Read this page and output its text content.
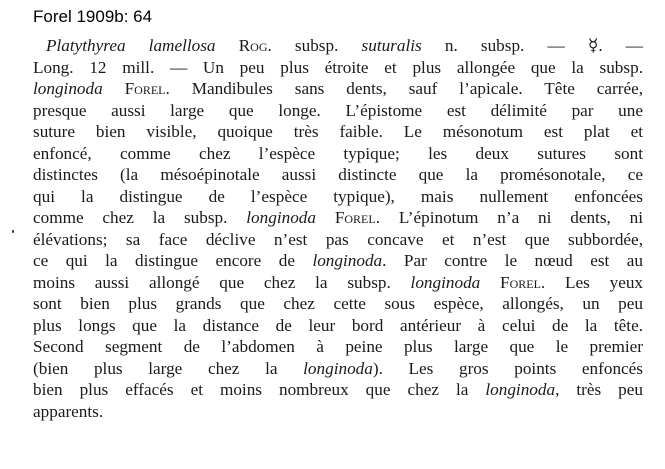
Forel 1909b: 64
Platythyrea lamellosa Rog. subsp. suturalis n. subsp. — ☿. —
Long. 12 mill. — Un peu plus étroite et plus allongée que la subsp.
longinoda Forel. Mandibules sans dents, sauf l’apicale. Tête carrée,
presque aussi large que longe. L’épistome est délimité par une
suture bien visible, quoique très faible. Le mésonotum est plat et
enfoncé, comme chez l’espèce typique; les deux sutures sont
distinctes (la mésoépinotale aussi distincte que la promésonotale, ce
qui la distingue de l’espèce typique), mais nullement enfoncées
comme chez la subsp. longinoda Forel. L’épinotum n’a ni dents, ni
élévations; sa face déclive n’est pas concave et n’est que subbordée,
ce qui la distingue encore de longinoda. Par contre le nœud est au
moins aussi allongé que chez la subsp. longinoda Forel. Les yeux
sont bien plus grands que chez cette sous espèce, allongés, un peu
plus longs que la distance de leur bord antérieur à celui de la tête.
Second segment de l’abdomen à peine plus large que le premier
(bien plus large chez la longinoda). Les gros points enfoncés
bien plus effacés et moins nombreux que chez la longinoda, très peu
apparents.
